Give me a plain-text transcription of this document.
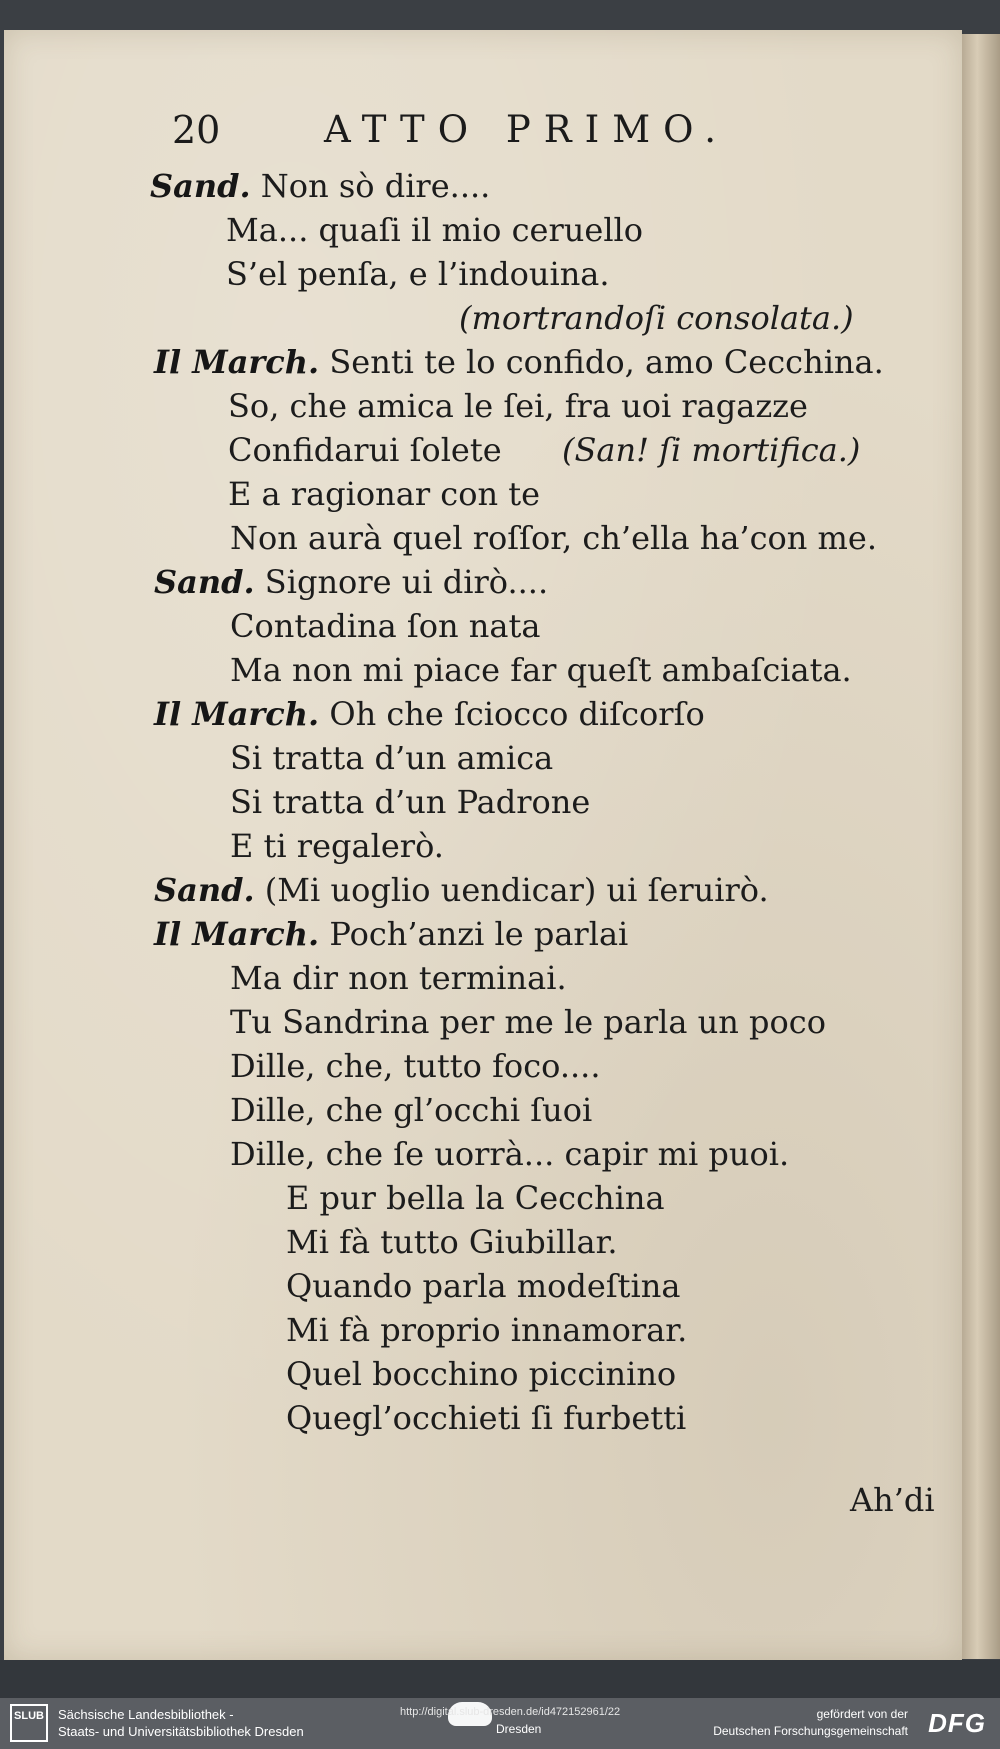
20	ATTO PRIMO.
Sand. Non sò dire....
Ma... quaſi il mio ceruello
S’el penſa, e l’indouina.
(mortrandoſi consolata.)
Il March. Senti te lo confido, amo Cecchina.
So, che amica le ſei, fra uoi ragazze
Confidarui ſolete (San! ſi mortifica.)
E a ragionar con te
Non aurà quel roſſor, ch’ella ha’con me.
Sand. Signore ui dirò....
Contadina ſon nata
Ma non mi piace far queſt ambaſciata.
Il March. Oh che ſciocco diſcorſo
Si tratta d’un amica
Si tratta d’un Padrone
E ti regalerò.
Sand. (Mi uoglio uendicar) ui ſeruirò.
Il March. Poch’anzi le parlai
Ma dir non terminai.
Tu Sandrina per me le parla un poco
Dille, che, tutto foco....
Dille, che gl’occhi ſuoi
Dille, che ſe uorrà... capir mi puoi.
E pur bella la Cecchina
Mi fà tutto Giubillar.
Quando parla modeſtina
Mi fà proprio innamorar.
Quel bocchino piccinino
Quegl’occhieti ſi furbetti
Ah’di
SLUB	Sächsische Landesbibliothek -
Staats- und Universitätsbibliothek Dresden
http://digital.slub-dresden.de/id472152961/22
Dresden
gefördert von der
Deutschen Forschungsgemeinschaft DFG
